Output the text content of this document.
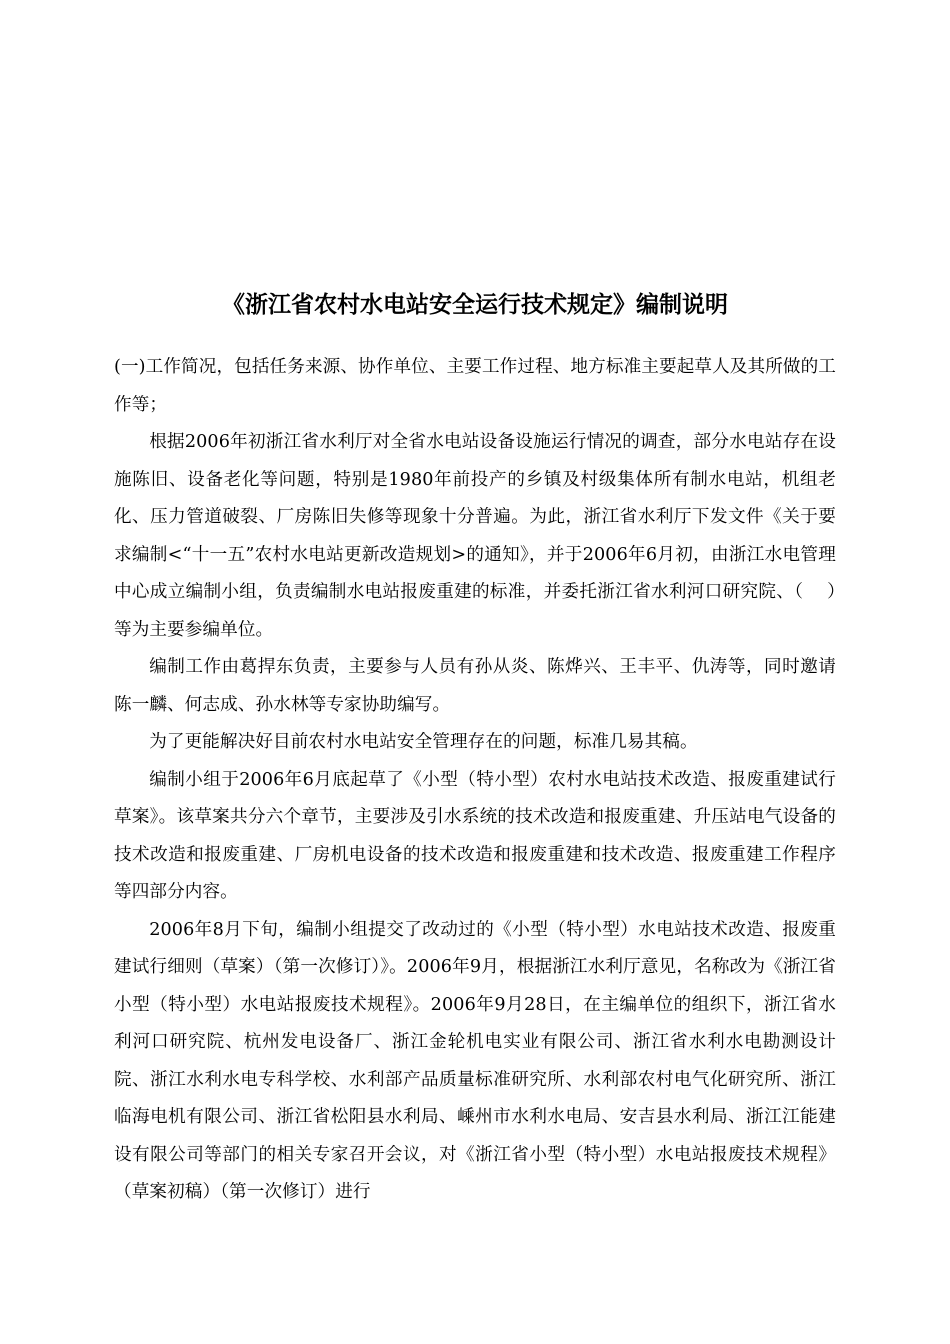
《浙江省农村水电站安全运行技术规定》编制说明

(一)工作简况，包括任务来源、协作单位、主要工作过程、地方标准主要起草人及其所做的工作等；

根据2006年初浙江省水利厅对全省水电站设备设施运行情况的调查，部分水电站存在设施陈旧、设备老化等问题，特别是1980年前投产的乡镇及村级集体所有制水电站，机组老化、压力管道破裂、厂房陈旧失修等现象十分普遍。为此，浙江省水利厅下发文件《关于要求编制<“十一五”农村水电站更新改造规划>的通知》，并于2006年6月初，由浙江水电管理中心成立编制小组，负责编制水电站报废重建的标准，并委托浙江省水利河口研究院、（　 ）等为主要参编单位。

编制工作由葛捍东负责，主要参与人员有孙从炎、陈烨兴、王丰平、仇涛等，同时邀请陈一麟、何志成、孙水林等专家协助编写。

为了更能解决好目前农村水电站安全管理存在的问题，标准几易其稿。

编制小组于2006年6月底起草了《小型（特小型）农村水电站技术改造、报废重建试行草案》。该草案共分六个章节，主要涉及引水系统的技术改造和报废重建、升压站电气设备的技术改造和报废重建、厂房机电设备的技术改造和报废重建和技术改造、报废重建工作程序等四部分内容。

2006年8月下旬，编制小组提交了改动过的《小型（特小型）水电站技术改造、报废重建试行细则（草案）（第一次修订）》。2006年9月，根据浙江水利厅意见，名称改为《浙江省小型（特小型）水电站报废技术规程》。2006年9月28日，在主编单位的组织下，浙江省水利河口研究院、杭州发电设备厂、浙江金轮机电实业有限公司、浙江省水利水电勘测设计院、浙江水利水电专科学校、水利部产品质量标准研究所、水利部农村电气化研究所、浙江临海电机有限公司、浙江省松阳县水利局、嵊州市水利水电局、安吉县水利局、浙江江能建设有限公司等部门的相关专家召开会议，对《浙江省小型（特小型）水电站报废技术规程》（草案初稿）（第一次修订）进行
